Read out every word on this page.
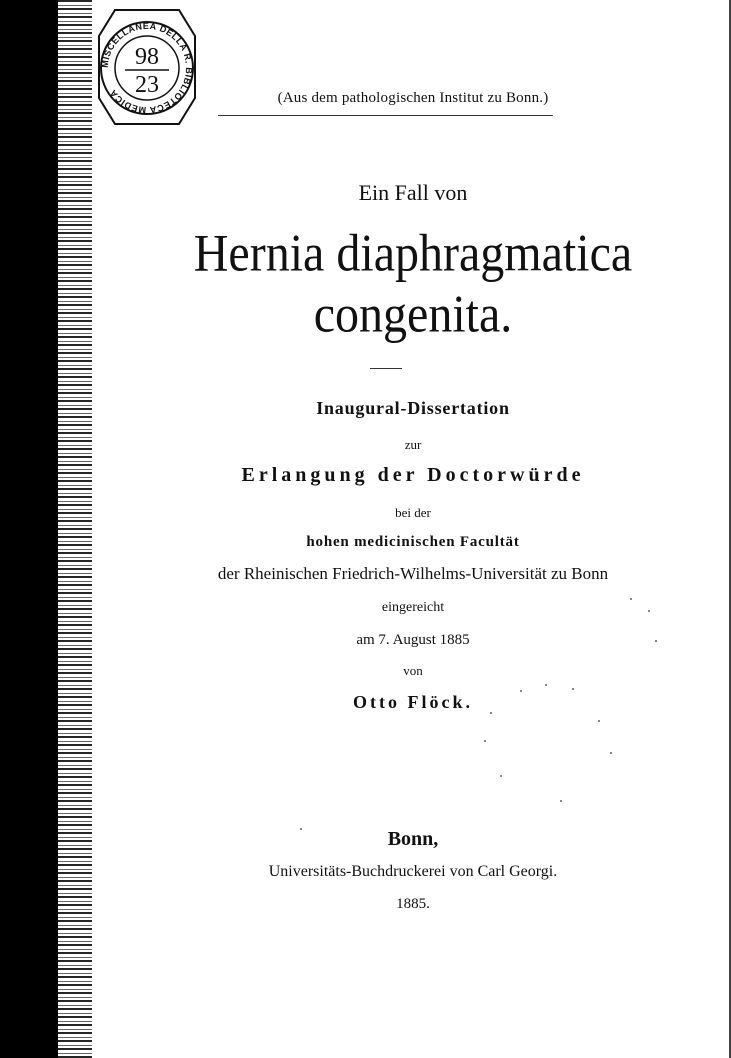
MISCELLANEA DELLA R. BIBLIOTECA MEDICA
98
23	(Aus dem pathologischen Institut zu Bonn.)
Ein Fall von
Hernia diaphragmatica
congenita.
Inaugural-Dissertation
zur
Erlangung der Doctorwürde
bei der
hohen medicinischen Facultät
der Rheinischen Friedrich-Wilhelms-Universität zu Bonn
eingereicht
am 7. August 1885
von
Otto Flöck.
Bonn,
Universitäts-Buchdruckerei von Carl Georgi.
1885.
